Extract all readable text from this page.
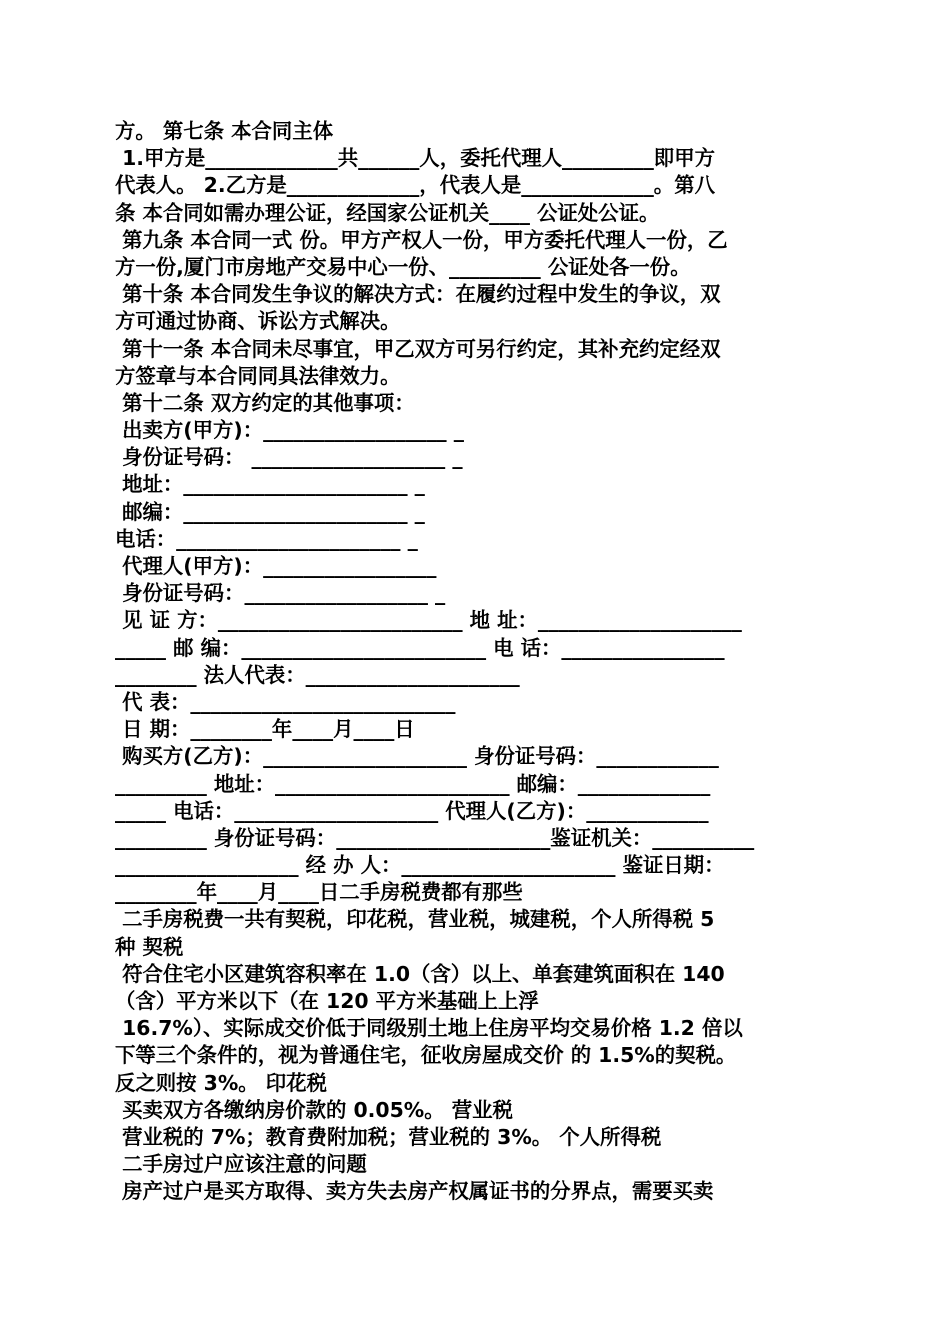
方。 第七条 本合同主体
1.甲方是_____________共______人，委托代理人_________即甲方
代表人。 2.乙方是_____________，代表人是_____________。第八
条 本合同如需办理公证，经国家公证机关____ 公证处公证。
第九条 本合同一式 份。甲方产权人一份，甲方委托代理人一份，乙
方一份,厦门市房地产交易中心一份、_________ 公证处各一份。
第十条 本合同发生争议的解决方式：在履约过程中发生的争议，双
方可通过协商、诉讼方式解决。
第十一条 本合同未尽事宜，甲乙双方可另行约定，其补充约定经双
方签章与本合同同具法律效力。
第十二条 双方约定的其他事项：
出卖方(甲方)：__________________ _
身份证号码： ___________________ _
地址：______________________ _
邮编：______________________ _
电话：______________________ _
代理人(甲方)：_________________
身份证号码：__________________ _
见 证 方：________________________ 地 址：____________________
_____ 邮 编：________________________ 电 话：________________
________ 法人代表：_____________________
代 表：__________________________
日 期：________年____月____日
购买方(乙方)：____________________ 身份证号码：____________
_________ 地址：_______________________ 邮编：_____________
_____ 电话：____________________ 代理人(乙方)：____________
_________ 身份证号码：_____________________鉴证机关：__________
__________________ 经 办 人：_____________________ 鉴证日期：
________年____月____日二手房税费都有那些
二手房税费一共有契税，印花税，营业税，城建税，个人所得税 5
种 契税
符合住宅小区建筑容积率在 1.0（含）以上、单套建筑面积在 140
（含）平方米以下（在 120 平方米基础上上浮
16.7%）、实际成交价低于同级别土地上住房平均交易价格 1.2 倍以
下等三个条件的，视为普通住宅，征收房屋成交价 的 1.5%的契税。
反之则按 3%。 印花税
买卖双方各缴纳房价款的 0.05%。 营业税
营业税的 7%；教育费附加税；营业税的 3%。 个人所得税
二手房过户应该注意的问题
房产过户是买方取得、卖方失去房产权属证书的分界点，需要买卖
